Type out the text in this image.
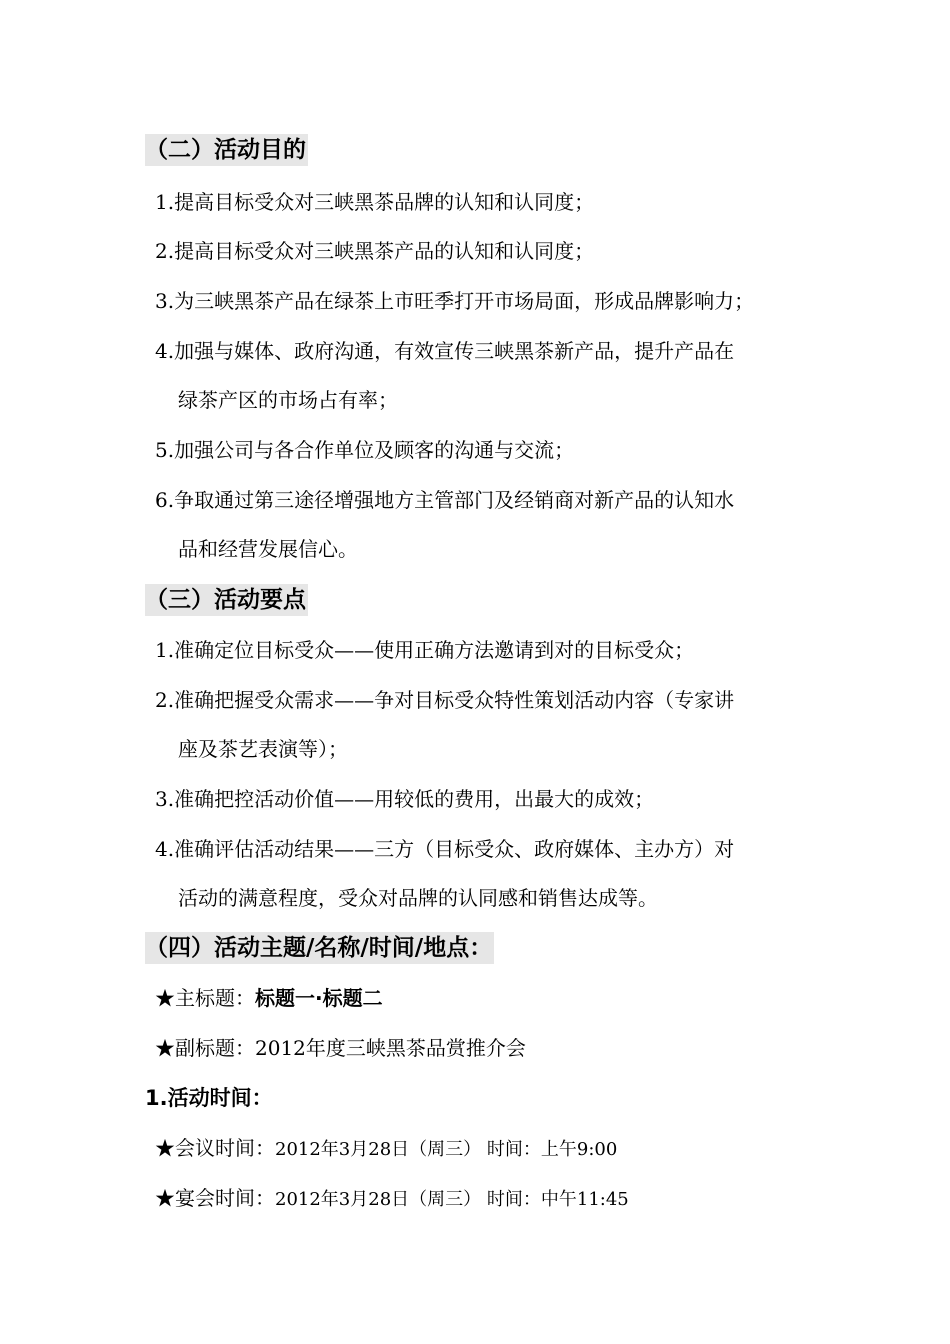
（二）活动目的
1.提高目标受众对三峡黑茶品牌的认知和认同度；
2.提高目标受众对三峡黑茶产品的认知和认同度；
3.为三峡黑茶产品在绿茶上市旺季打开市场局面，形成品牌影响力；
4.加强与媒体、政府沟通，有效宣传三峡黑茶新产品，提升产品在
绿茶产区的市场占有率；
5.加强公司与各合作单位及顾客的沟通与交流；
6.争取通过第三途径增强地方主管部门及经销商对新产品的认知水
品和经营发展信心。
（三）活动要点
1.准确定位目标受众——使用正确方法邀请到对的目标受众；
2.准确把握受众需求——争对目标受众特性策划活动内容（专家讲
座及茶艺表演等）；
3.准确把控活动价值——用较低的费用，出最大的成效；
4.准确评估活动结果——三方（目标受众、政府媒体、主办方）对
活动的满意程度，受众对品牌的认同感和销售达成等。
（四）活动主题/名称/时间/地点：
★主标题：标题一·标题二
★副标题：2012年度三峡黑茶品赏推介会
1.活动时间：
★会议时间：2012年3月28日（周三） 时间：上午9:00
★宴会时间：2012年3月28日（周三） 时间：中午11:45
